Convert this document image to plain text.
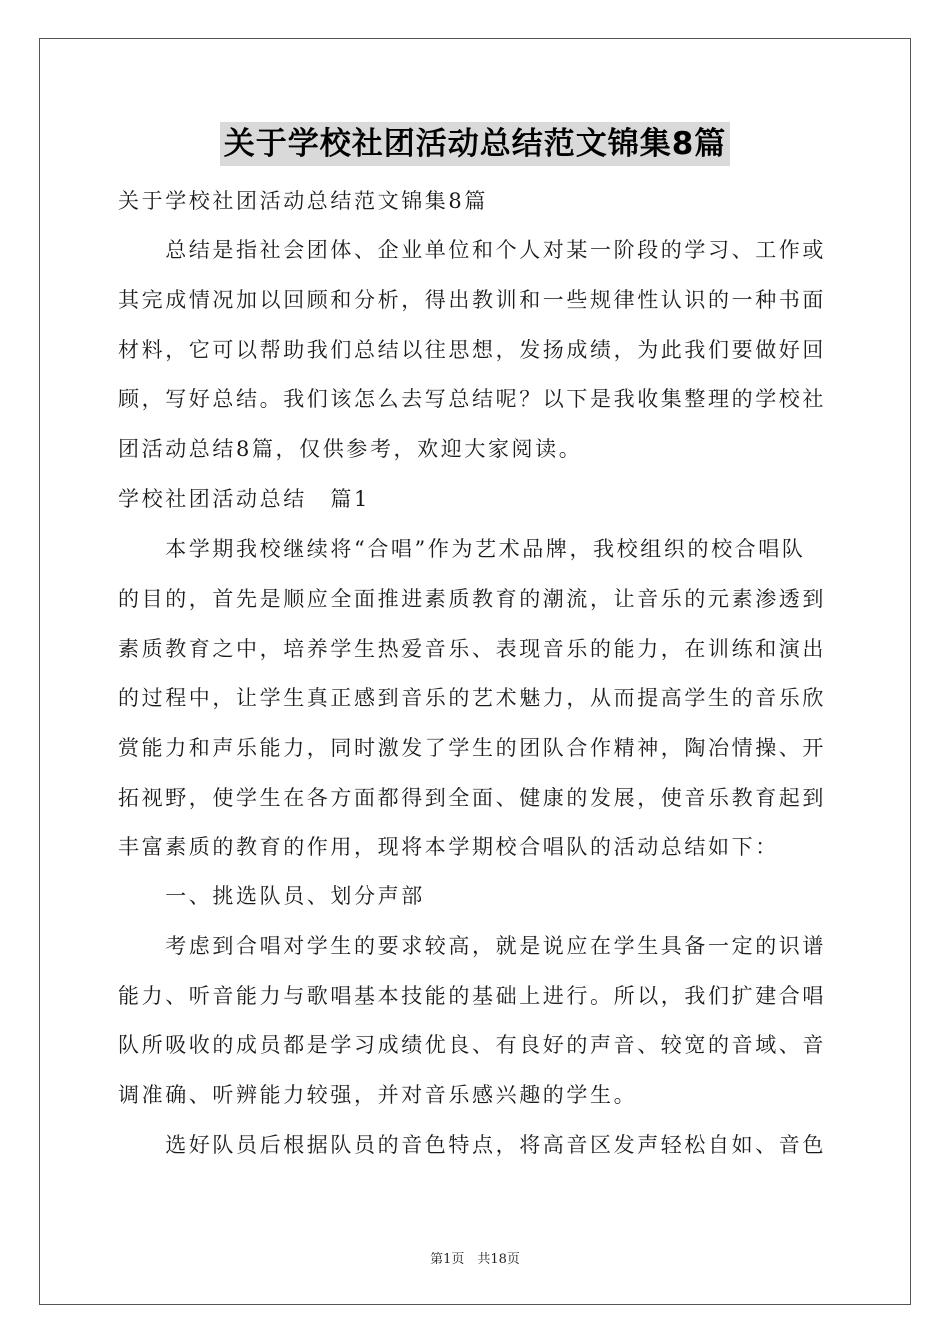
关于学校社团活动总结范文锦集8篇
关于学校社团活动总结范文锦集8篇
　　总结是指社会团体、企业单位和个人对某一阶段的学习、工作或
其完成情况加以回顾和分析，得出教训和一些规律性认识的一种书面
材料，它可以帮助我们总结以往思想，发扬成绩，为此我们要做好回
顾，写好总结。我们该怎么去写总结呢？以下是我收集整理的学校社
团活动总结8篇，仅供参考，欢迎大家阅读。
学校社团活动总结　篇1
　　本学期我校继续将“合唱”作为艺术品牌，我校组织的校合唱队
的目的，首先是顺应全面推进素质教育的潮流，让音乐的元素渗透到
素质教育之中，培养学生热爱音乐、表现音乐的能力，在训练和演出
的过程中，让学生真正感到音乐的艺术魅力，从而提高学生的音乐欣
赏能力和声乐能力，同时激发了学生的团队合作精神，陶冶情操、开
拓视野，使学生在各方面都得到全面、健康的发展，使音乐教育起到
丰富素质的教育的作用，现将本学期校合唱队的活动总结如下：
　　一、挑选队员、划分声部
　　考虑到合唱对学生的要求较高，就是说应在学生具备一定的识谱
能力、听音能力与歌唱基本技能的基础上进行。所以，我们扩建合唱
队所吸收的成员都是学习成绩优良、有良好的声音、较宽的音域、音
调准确、听辨能力较强，并对音乐感兴趣的学生。
　　选好队员后根据队员的音色特点，将高音区发声轻松自如、音色
第1页　共18页
